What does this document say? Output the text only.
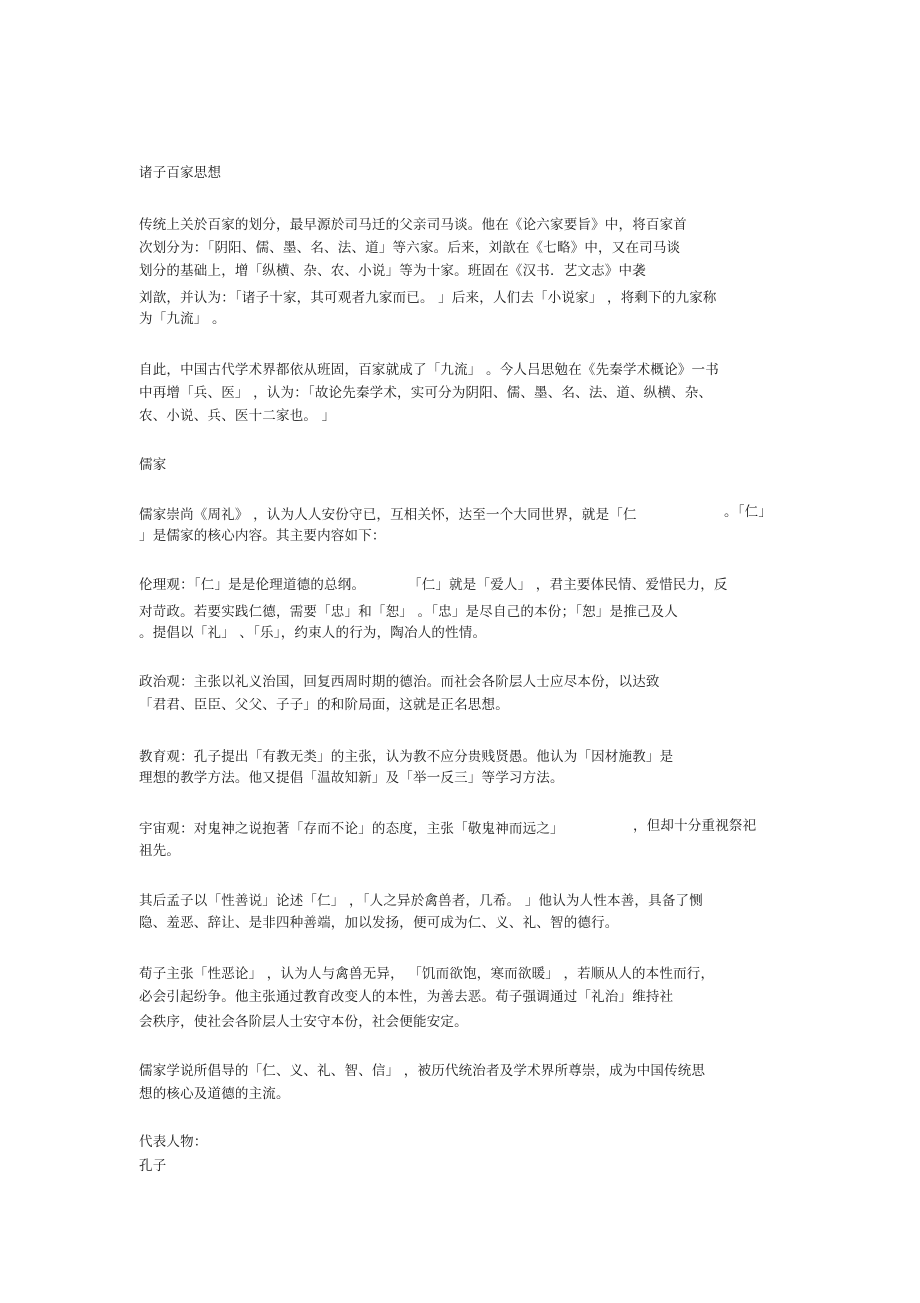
诸子百家思想
传统上关於百家的划分，最早源於司马迁的父亲司马谈。他在《论六家要旨》中，将百家首
次划分为：「阴阳、儒、墨、名、法、道」等六家。后来，刘歆在《七略》中，又在司马谈
划分的基础上，增「纵横、杂、农、小说」等为十家。班固在《汉书．艺文志》中袭
刘歆，并认为：「诸子十家，其可观者九家而已。 」后来，人们去「小说家」 ，将剩下的九家称
为「九流」 。
自此，中国古代学术界都依从班固，百家就成了「九流」 。今人吕思勉在《先秦学术概论》一书
中再增「兵、医」 ，认为：「故论先秦学术，实可分为阴阳、儒、墨、名、法、道、纵横、杂、
农、小说、兵、医十二家也。 」
儒家
儒家崇尚《周礼》 ，认为人人安份守已，互相关怀，达至一个大同世界，就是「仁	。「仁」
」是儒家的核心内容。其主要内容如下：
伦理观：「仁」是是伦理道德的总纲。	「仁」就是「爱人」 ，君主要体民情、爱惜民力，反
对苛政。若要实践仁德，需要「忠」和「恕」 。「忠」是尽自己的本份；「恕」是推己及人
。提倡以「礼」 、「乐」，约束人的行为，陶冶人的性情。
政治观：主张以礼义治国，回复西周时期的德治。而社会各阶层人士应尽本份，以达致
「君君、臣臣、父父、子子」的和阶局面，这就是正名思想。
教育观：孔子提出「有教无类」的主张，认为教不应分贵贱贤愚。他认为「因材施教」是
理想的教学方法。他又提倡「温故知新」及「举一反三」等学习方法。
宇宙观：对鬼神之说抱著「存而不论」的态度，主张「敬鬼神而远之」	，但却十分重视祭祀
祖先。
其后孟子以「性善说」论述「仁」 ，「人之异於禽兽者，几希。 」他认为人性本善，具备了恻
隐、羞恶、辞让、是非四种善端，加以发扬，便可成为仁、义、礼、智的德行。
荀子主张「性恶论」 ，认为人与禽兽无异， 「饥而欲饱，寒而欲暖」 ，若顺从人的本性而行，
必会引起纷争。他主张通过教育改变人的本性，为善去恶。荀子强调通过「礼治」维持社
会秩序，使社会各阶层人士安守本份，社会便能安定。
儒家学说所倡导的「仁、义、礼、智、信」 ，被历代统治者及学术界所尊崇，成为中国传统思
想的核心及道德的主流。
代表人物：
孔子
